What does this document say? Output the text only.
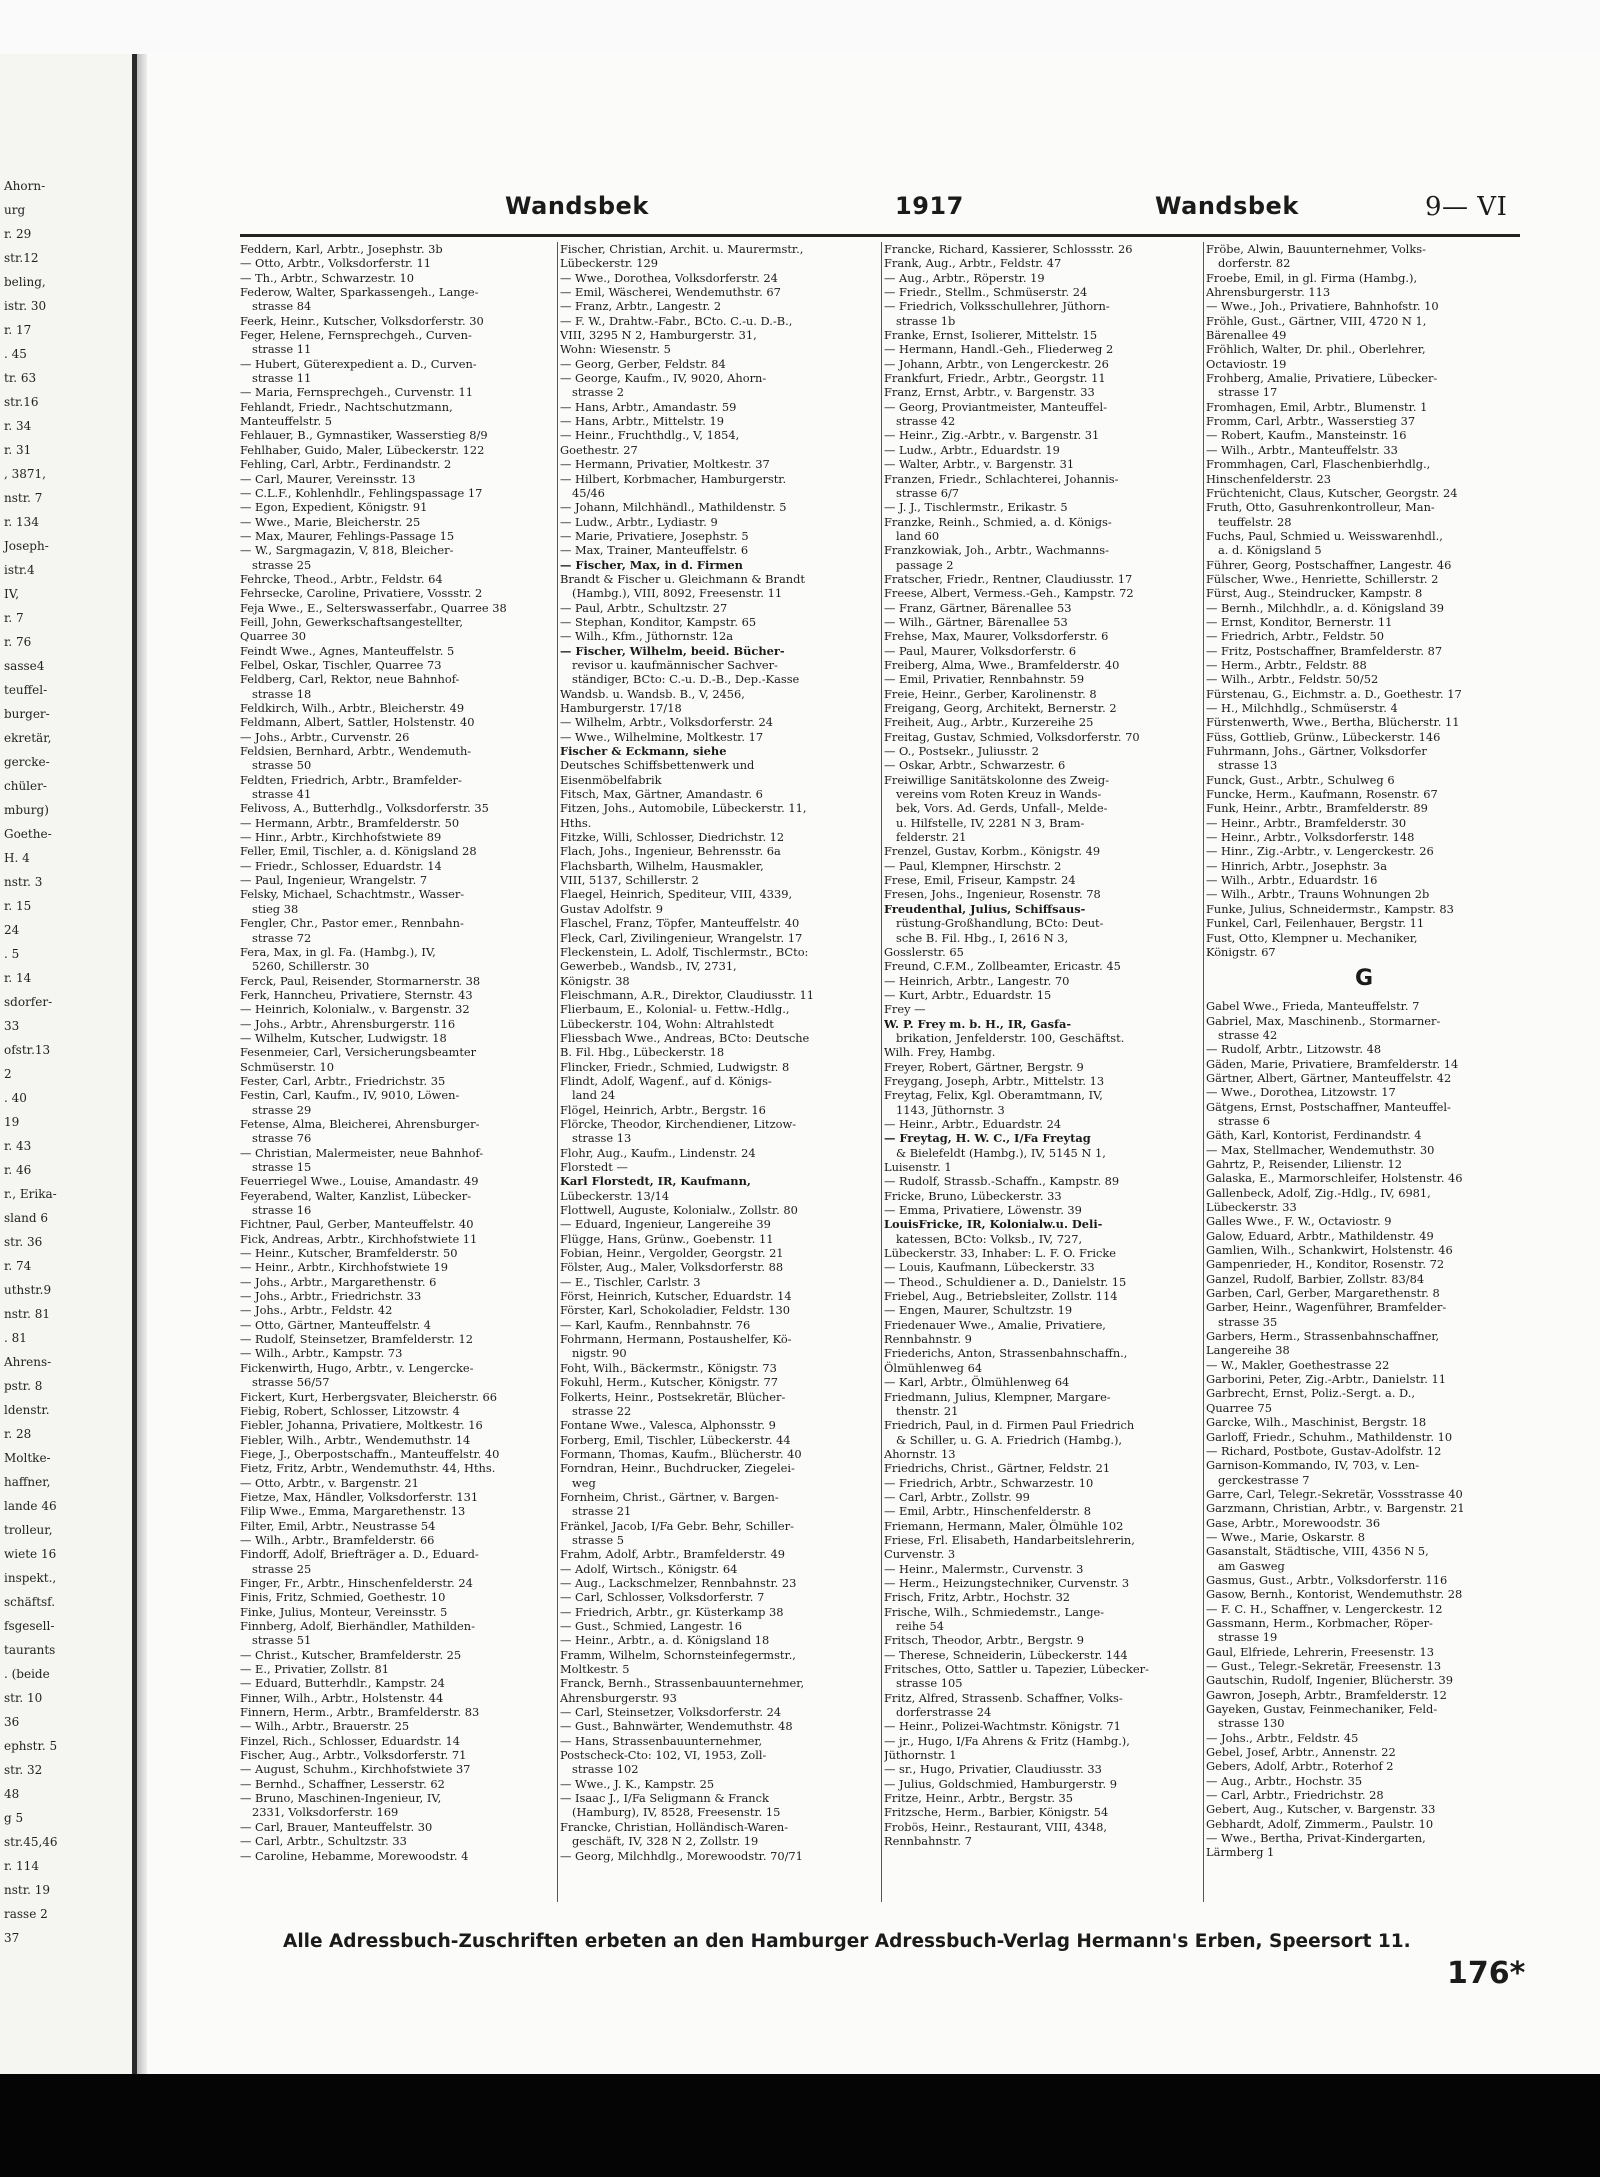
Ahorn-
urg
r. 29
str.12
beling,
istr. 30
r. 17
. 45
tr. 63
str.16
r. 34
r. 31
, 3871,
nstr. 7
r. 134
Joseph-
istr.4
IV,
r. 7
r. 76
sasse4
teuffel-
burger-
ekretär,
gercke-
chüler-
mburg)
Goethe-
H. 4
nstr. 3
r. 15
24
. 5
r. 14
sdorfer-
33
ofstr.13
2
. 40
19
r. 43
r. 46
r., Erika-
sland 6
str. 36
r. 74
uthstr.9
nstr. 81
. 81
Ahrens-
pstr. 8
ldenstr.
r. 28
Moltke-
haffner,
lande 46
trolleur,
wiete 16
inspekt.,
schäftsf.
fsgesell-
taurants
. (beide
str. 10
36
ephstr. 5
str. 32
48
g 5
str.45,46
r. 114
nstr. 19
rasse 2
37
Wandsbek	1917	Wandsbek	9— VI
Feddern, Karl, Arbtr., Josephstr. 3b
— Otto, Arbtr., Volksdorferstr. 11
— Th., Arbtr., Schwarzestr. 10
Federow, Walter, Sparkassengeh., Lange-
strasse 84
Feerk, Heinr., Kutscher, Volksdorferstr. 30
Feger, Helene, Fernsprechgeh., Curven-
strasse 11
— Hubert, Güterexpedient a. D., Curven-
strasse 11
— Maria, Fernsprechgeh., Curvenstr. 11
Fehlandt, Friedr., Nachtschutzmann,
Manteuffelstr. 5
Fehlauer, B., Gymnastiker, Wasserstieg 8/9
Fehlhaber, Guido, Maler, Lübeckerstr. 122
Fehling, Carl, Arbtr., Ferdinandstr. 2
— Carl, Maurer, Vereinsstr. 13
— C.L.F., Kohlenhdlr., Fehlingspassage 17
— Egon, Expedient, Königstr. 91
— Wwe., Marie, Bleicherstr. 25
— Max, Maurer, Fehlings-Passage 15
— W., Sargmagazin, V, 818, Bleicher-
strasse 25
Fehrcke, Theod., Arbtr., Feldstr. 64
Fehrsecke, Caroline, Privatiere, Vossstr. 2
Feja Wwe., E., Selterswasserfabr., Quarree 38
Feill, John, Gewerkschaftsangestellter,
Quarree 30
Feindt Wwe., Agnes, Manteuffelstr. 5
Felbel, Oskar, Tischler, Quarree 73
Feldberg, Carl, Rektor, neue Bahnhof-
strasse 18
Feldkirch, Wilh., Arbtr., Bleicherstr. 49
Feldmann, Albert, Sattler, Holstenstr. 40
— Johs., Arbtr., Curvenstr. 26
Feldsien, Bernhard, Arbtr., Wendemuth-
strasse 50
Feldten, Friedrich, Arbtr., Bramfelder-
strasse 41
Felivoss, A., Butterhdlg., Volksdorferstr. 35
— Hermann, Arbtr., Bramfelderstr. 50
— Hinr., Arbtr., Kirchhofstwiete 89
Feller, Emil, Tischler, a. d. Königsland 28
— Friedr., Schlosser, Eduardstr. 14
— Paul, Ingenieur, Wrangelstr. 7
Felsky, Michael, Schachtmstr., Wasser-
stieg 38
Fengler, Chr., Pastor emer., Rennbahn-
strasse 72
Fera, Max, in gl. Fa. (Hambg.), IV,
5260, Schillerstr. 30
Ferck, Paul, Reisender, Stormarnerstr. 38
Ferk, Hanncheu, Privatiere, Sternstr. 43
— Heinrich, Kolonialw., v. Bargenstr. 32
— Johs., Arbtr., Ahrensburgerstr. 116
— Wilhelm, Kutscher, Ludwigstr. 18
Fesenmeier, Carl, Versicherungsbeamter
Schmüserstr. 10
Fester, Carl, Arbtr., Friedrichstr. 35
Festin, Carl, Kaufm., IV, 9010, Löwen-
strasse 29
Fetense, Alma, Bleicherei, Ahrensburger-
strasse 76
— Christian, Malermeister, neue Bahnhof-
strasse 15
Feuerriegel Wwe., Louise, Amandastr. 49
Feyerabend, Walter, Kanzlist, Lübecker-
strasse 16
Fichtner, Paul, Gerber, Manteuffelstr. 40
Fick, Andreas, Arbtr., Kirchhofstwiete 11
— Heinr., Kutscher, Bramfelderstr. 50
— Heinr., Arbtr., Kirchhofstwiete 19
— Johs., Arbtr., Margarethenstr. 6
— Johs., Arbtr., Friedrichstr. 33
— Johs., Arbtr., Feldstr. 42
— Otto, Gärtner, Manteuffelstr. 4
— Rudolf, Steinsetzer, Bramfelderstr. 12
— Wilh., Arbtr., Kampstr. 73
Fickenwirth, Hugo, Arbtr., v. Lengercke-
strasse 56/57
Fickert, Kurt, Herbergsvater, Bleicherstr. 66
Fiebig, Robert, Schlosser, Litzowstr. 4
Fiebler, Johanna, Privatiere, Moltkestr. 16
Fiebler, Wilh., Arbtr., Wendemuthstr. 14
Fiege, J., Oberpostschaffn., Manteuffelstr. 40
Fietz, Fritz, Arbtr., Wendemuthstr. 44, Hths.
— Otto, Arbtr., v. Bargenstr. 21
Fietze, Max, Händler, Volksdorferstr. 131
Filip Wwe., Emma, Margarethenstr. 13
Filter, Emil, Arbtr., Neustrasse 54
— Wilh., Arbtr., Bramfelderstr. 66
Findorff, Adolf, Briefträger a. D., Eduard-
strasse 25
Finger, Fr., Arbtr., Hinschenfelderstr. 24
Finis, Fritz, Schmied, Goethestr. 10
Finke, Julius, Monteur, Vereinsstr. 5
Finnberg, Adolf, Bierhändler, Mathilden-
strasse 51
— Christ., Kutscher, Bramfelderstr. 25
— E., Privatier, Zollstr. 81
— Eduard, Butterhdlr., Kampstr. 24
Finner, Wilh., Arbtr., Holstenstr. 44
Finnern, Herm., Arbtr., Bramfelderstr. 83
— Wilh., Arbtr., Brauerstr. 25
Finzel, Rich., Schlosser, Eduardstr. 14
Fischer, Aug., Arbtr., Volksdorferstr. 71
— August, Schuhm., Kirchhofstwiete 37
— Bernhd., Schaffner, Lesserstr. 62
— Bruno, Maschinen-Ingenieur, IV,
2331, Volksdorferstr. 169
— Carl, Brauer, Manteuffelstr. 30
— Carl, Arbtr., Schultzstr. 33
— Caroline, Hebamme, Morewoodstr. 4
Fischer, Christian, Archit. u. Maurermstr.,
Lübeckerstr. 129
— Wwe., Dorothea, Volksdorferstr. 24
— Emil, Wäscherei, Wendemuthstr. 67
— Franz, Arbtr., Langestr. 2
— F. W., Drahtw.-Fabr., BCto. C.-u. D.-B.,
VIII, 3295 N 2, Hamburgerstr. 31,
Wohn: Wiesenstr. 5
— Georg, Gerber, Feldstr. 84
— George, Kaufm., IV, 9020, Ahorn-
strasse 2
— Hans, Arbtr., Amandastr. 59
— Hans, Arbtr., Mittelstr. 19
— Heinr., Fruchthdlg., V, 1854,
Goethestr. 27
— Hermann, Privatier, Moltkestr. 37
— Hilbert, Korbmacher, Hamburgerstr.
45/46
— Johann, Milchhändl., Mathildenstr. 5
— Ludw., Arbtr., Lydiastr. 9
— Marie, Privatiere, Josephstr. 5
— Max, Trainer, Manteuffelstr. 6
— Fischer, Max, in d. Firmen
Brandt & Fischer u. Gleichmann & Brandt
(Hambg.), VIII, 8092, Freesenstr. 11
— Paul, Arbtr., Schultzstr. 27
— Stephan, Konditor, Kampstr. 65
— Wilh., Kfm., Jüthornstr. 12a
— Fischer, Wilhelm, beeid. Bücher-
revisor u. kaufmännischer Sachver-
ständiger, BCto: C.-u. D.-B., Dep.-Kasse
Wandsb. u. Wandsb. B., V, 2456,
Hamburgerstr. 17/18
— Wilhelm, Arbtr., Volksdorferstr. 24
— Wwe., Wilhelmine, Moltkestr. 17
Fischer & Eckmann, siehe
Deutsches Schiffsbettenwerk und
Eisenmöbelfabrik
Fitsch, Max, Gärtner, Amandastr. 6
Fitzen, Johs., Automobile, Lübeckerstr. 11,
Hths.
Fitzke, Willi, Schlosser, Diedrichstr. 12
Flach, Johs., Ingenieur, Behrensstr. 6a
Flachsbarth, Wilhelm, Hausmakler,
VIII, 5137, Schillerstr. 2
Flaegel, Heinrich, Spediteur, VIII, 4339,
Gustav Adolfstr. 9
Flaschel, Franz, Töpfer, Manteuffelstr. 40
Fleck, Carl, Zivilingenieur, Wrangelstr. 17
Fleckenstein, L. Adolf, Tischlermstr., BCto:
Gewerbeb., Wandsb., IV, 2731,
Königstr. 38
Fleischmann, A.R., Direktor, Claudiusstr. 11
Flierbaum, E., Kolonial- u. Fettw.-Hdlg.,
Lübeckerstr. 104, Wohn: Altrahlstedt
Fliessbach Wwe., Andreas, BCto: Deutsche
B. Fil. Hbg., Lübeckerstr. 18
Flincker, Friedr., Schmied, Ludwigstr. 8
Flindt, Adolf, Wagenf., auf d. Königs-
land 24
Flögel, Heinrich, Arbtr., Bergstr. 16
Flörcke, Theodor, Kirchendiener, Litzow-
strasse 13
Flohr, Aug., Kaufm., Lindenstr. 24
Florstedt —
Karl Florstedt, IR, Kaufmann,
Lübeckerstr. 13/14
Flottwell, Auguste, Kolonialw., Zollstr. 80
— Eduard, Ingenieur, Langereihe 39
Flügge, Hans, Grünw., Goebenstr. 11
Fobian, Heinr., Vergolder, Georgstr. 21
Fölster, Aug., Maler, Volksdorferstr. 88
— E., Tischler, Carlstr. 3
Först, Heinrich, Kutscher, Eduardstr. 14
Förster, Karl, Schokoladier, Feldstr. 130
— Karl, Kaufm., Rennbahnstr. 76
Fohrmann, Hermann, Postaushelfer, Kö-
nigstr. 90
Foht, Wilh., Bäckermstr., Königstr. 73
Fokuhl, Herm., Kutscher, Königstr. 77
Folkerts, Heinr., Postsekretär, Blücher-
strasse 22
Fontane Wwe., Valesca, Alphonsstr. 9
Forberg, Emil, Tischler, Lübeckerstr. 44
Formann, Thomas, Kaufm., Blücherstr. 40
Forndran, Heinr., Buchdrucker, Ziegelei-
weg
Fornheim, Christ., Gärtner, v. Bargen-
strasse 21
Fränkel, Jacob, I/Fa Gebr. Behr, Schiller-
strasse 5
Frahm, Adolf, Arbtr., Bramfelderstr. 49
— Adolf, Wirtsch., Königstr. 64
— Aug., Lackschmelzer, Rennbahnstr. 23
— Carl, Schlosser, Volksdorferstr. 7
— Friedrich, Arbtr., gr. Küsterkamp 38
— Gust., Schmied, Langestr. 16
— Heinr., Arbtr., a. d. Königsland 18
Framm, Wilhelm, Schornsteinfegermstr.,
Moltkestr. 5
Franck, Bernh., Strassenbauunternehmer,
Ahrensburgerstr. 93
— Carl, Steinsetzer, Volksdorferstr. 24
— Gust., Bahnwärter, Wendemuthstr. 48
— Hans, Strassenbauunternehmer,
Postscheck-Cto: 102, VI, 1953, Zoll-
strasse 102
— Wwe., J. K., Kampstr. 25
— Isaac J., I/Fa Seligmann & Franck
(Hamburg), IV, 8528, Freesenstr. 15
Francke, Christian, Holländisch-Waren-
geschäft, IV, 328 N 2, Zollstr. 19
— Georg, Milchhdlg., Morewoodstr. 70/71
Francke, Richard, Kassierer, Schlossstr. 26
Frank, Aug., Arbtr., Feldstr. 47
— Aug., Arbtr., Röperstr. 19
— Friedr., Stellm., Schmüserstr. 24
— Friedrich, Volksschullehrer, Jüthorn-
strasse 1b
Franke, Ernst, Isolierer, Mittelstr. 15
— Hermann, Handl.-Geh., Fliederweg 2
— Johann, Arbtr., von Lengerckestr. 26
Frankfurt, Friedr., Arbtr., Georgstr. 11
Franz, Ernst, Arbtr., v. Bargenstr. 33
— Georg, Proviantmeister, Manteuffel-
strasse 42
— Heinr., Zig.-Arbtr., v. Bargenstr. 31
— Ludw., Arbtr., Eduardstr. 19
— Walter, Arbtr., v. Bargenstr. 31
Franzen, Friedr., Schlachterei, Johannis-
strasse 6/7
— J. J., Tischlermstr., Erikastr. 5
Franzke, Reinh., Schmied, a. d. Königs-
land 60
Franzkowiak, Joh., Arbtr., Wachmanns-
passage 2
Fratscher, Friedr., Rentner, Claudiusstr. 17
Freese, Albert, Vermess.-Geh., Kampstr. 72
— Franz, Gärtner, Bärenallee 53
— Wilh., Gärtner, Bärenallee 53
Frehse, Max, Maurer, Volksdorferstr. 6
— Paul, Maurer, Volksdorferstr. 6
Freiberg, Alma, Wwe., Bramfelderstr. 40
— Emil, Privatier, Rennbahnstr. 59
Freie, Heinr., Gerber, Karolinenstr. 8
Freigang, Georg, Architekt, Bernerstr. 2
Freiheit, Aug., Arbtr., Kurzereihe 25
Freitag, Gustav, Schmied, Volksdorferstr. 70
— O., Postsekr., Juliusstr. 2
— Oskar, Arbtr., Schwarzestr. 6
Freiwillige Sanitätskolonne des Zweig-
vereins vom Roten Kreuz in Wands-
bek, Vors. Ad. Gerds, Unfall-, Melde-
u. Hilfstelle, IV, 2281 N 3, Bram-
felderstr. 21
Frenzel, Gustav, Korbm., Königstr. 49
— Paul, Klempner, Hirschstr. 2
Frese, Emil, Friseur, Kampstr. 24
Fresen, Johs., Ingenieur, Rosenstr. 78
Freudenthal, Julius, Schiffsaus-
rüstung-Großhandlung, BCto: Deut-
sche B. Fil. Hbg., I, 2616 N 3,
Gosslerstr. 65
Freund, C.F.M., Zollbeamter, Ericastr. 45
— Heinrich, Arbtr., Langestr. 70
— Kurt, Arbtr., Eduardstr. 15
Frey —
W. P. Frey m. b. H., IR, Gasfa-
brikation, Jenfelderstr. 100, Geschäftst.
Wilh. Frey, Hambg.
Freyer, Robert, Gärtner, Bergstr. 9
Freygang, Joseph, Arbtr., Mittelstr. 13
Freytag, Felix, Kgl. Oberamtmann, IV,
1143, Jüthornstr. 3
— Heinr., Arbtr., Eduardstr. 24
— Freytag, H. W. C., I/Fa Freytag
& Bielefeldt (Hambg.), IV, 5145 N 1,
Luisenstr. 1
— Rudolf, Strassb.-Schaffn., Kampstr. 89
Fricke, Bruno, Lübeckerstr. 33
— Emma, Privatiere, Löwenstr. 39
LouisFricke, IR, Kolonialw.u. Deli-
katessen, BCto: Volksb., IV, 727,
Lübeckerstr. 33, Inhaber: L. F. O. Fricke
— Louis, Kaufmann, Lübeckerstr. 33
— Theod., Schuldiener a. D., Danielstr. 15
Friebel, Aug., Betriebsleiter, Zollstr. 114
— Engen, Maurer, Schultzstr. 19
Friedenauer Wwe., Amalie, Privatiere,
Rennbahnstr. 9
Friederichs, Anton, Strassenbahnschaffn.,
Ölmühlenweg 64
— Karl, Arbtr., Ölmühlenweg 64
Friedmann, Julius, Klempner, Margare-
thenstr. 21
Friedrich, Paul, in d. Firmen Paul Friedrich
& Schiller, u. G. A. Friedrich (Hambg.),
Ahornstr. 13
Friedrichs, Christ., Gärtner, Feldstr. 21
— Friedrich, Arbtr., Schwarzestr. 10
— Carl, Arbtr., Zollstr. 99
— Emil, Arbtr., Hinschenfelderstr. 8
Friemann, Hermann, Maler, Ölmühle 102
Friese, Frl. Elisabeth, Handarbeitslehrerin,
Curvenstr. 3
— Heinr., Malermstr., Curvenstr. 3
— Herm., Heizungstechniker, Curvenstr. 3
Frisch, Fritz, Arbtr., Hochstr. 32
Frische, Wilh., Schmiedemstr., Lange-
reihe 54
Fritsch, Theodor, Arbtr., Bergstr. 9
— Therese, Schneiderin, Lübeckerstr. 144
Fritsches, Otto, Sattler u. Tapezier, Lübecker-
strasse 105
Fritz, Alfred, Strassenb. Schaffner, Volks-
dorferstrasse 24
— Heinr., Polizei-Wachtmstr. Königstr. 71
— jr., Hugo, I/Fa Ahrens & Fritz (Hambg.),
Jüthornstr. 1
— sr., Hugo, Privatier, Claudiusstr. 33
— Julius, Goldschmied, Hamburgerstr. 9
Fritze, Heinr., Arbtr., Bergstr. 35
Fritzsche, Herm., Barbier, Königstr. 54
Frobös, Heinr., Restaurant, VIII, 4348,
Rennbahnstr. 7
Fröbe, Alwin, Bauunternehmer, Volks-
dorferstr. 82
Froebe, Emil, in gl. Firma (Hambg.),
Ahrensburgerstr. 113
— Wwe., Joh., Privatiere, Bahnhofstr. 10
Fröhle, Gust., Gärtner, VIII, 4720 N 1,
Bärenallee 49
Fröhlich, Walter, Dr. phil., Oberlehrer,
Octaviostr. 19
Frohberg, Amalie, Privatiere, Lübecker-
strasse 17
Fromhagen, Emil, Arbtr., Blumenstr. 1
Fromm, Carl, Arbtr., Wasserstieg 37
— Robert, Kaufm., Mansteinstr. 16
— Wilh., Arbtr., Manteuffelstr. 33
Frommhagen, Carl, Flaschenbierhdlg.,
Hinschenfelderstr. 23
Früchtenicht, Claus, Kutscher, Georgstr. 24
Fruth, Otto, Gasuhrenkontrolleur, Man-
teuffelstr. 28
Fuchs, Paul, Schmied u. Weisswarenhdl.,
a. d. Königsland 5
Führer, Georg, Postschaffner, Langestr. 46
Fülscher, Wwe., Henriette, Schillerstr. 2
Fürst, Aug., Steindrucker, Kampstr. 8
— Bernh., Milchhdlr., a. d. Königsland 39
— Ernst, Konditor, Bernerstr. 11
— Friedrich, Arbtr., Feldstr. 50
— Fritz, Postschaffner, Bramfelderstr. 87
— Herm., Arbtr., Feldstr. 88
— Wilh., Arbtr., Feldstr. 50/52
Fürstenau, G., Eichmstr. a. D., Goethestr. 17
— H., Milchhdlg., Schmüserstr. 4
Fürstenwerth, Wwe., Bertha, Blücherstr. 11
Füss, Gottlieb, Grünw., Lübeckerstr. 146
Fuhrmann, Johs., Gärtner, Volksdorfer
strasse 13
Funck, Gust., Arbtr., Schulweg 6
Funcke, Herm., Kaufmann, Rosenstr. 67
Funk, Heinr., Arbtr., Bramfelderstr. 89
— Heinr., Arbtr., Bramfelderstr. 30
— Heinr., Arbtr., Volksdorferstr. 148
— Hinr., Zig.-Arbtr., v. Lengerckestr. 26
— Hinrich, Arbtr., Josephstr. 3a
— Wilh., Arbtr., Eduardstr. 16
— Wilh., Arbtr., Trauns Wohnungen 2b
Funke, Julius, Schneidermstr., Kampstr. 83
Funkel, Carl, Feilenhauer, Bergstr. 11
Fust, Otto, Klempner u. Mechaniker,
Königstr. 67
G
Gabel Wwe., Frieda, Manteuffelstr. 7
Gabriel, Max, Maschinenb., Stormarner-
strasse 42
— Rudolf, Arbtr., Litzowstr. 48
Gäden, Marie, Privatiere, Bramfelderstr. 14
Gärtner, Albert, Gärtner, Manteuffelstr. 42
— Wwe., Dorothea, Litzowstr. 17
Gätgens, Ernst, Postschaffner, Manteuffel-
strasse 6
Gäth, Karl, Kontorist, Ferdinandstr. 4
— Max, Stellmacher, Wendemuthstr. 30
Gahrtz, P., Reisender, Lilienstr. 12
Galaska, E., Marmorschleifer, Holstenstr. 46
Gallenbeck, Adolf, Zig.-Hdlg., IV, 6981,
Lübeckerstr. 33
Galles Wwe., F. W., Octaviostr. 9
Galow, Eduard, Arbtr., Mathildenstr. 49
Gamlien, Wilh., Schankwirt, Holstenstr. 46
Gampenrieder, H., Konditor, Rosenstr. 72
Ganzel, Rudolf, Barbier, Zollstr. 83/84
Garben, Carl, Gerber, Margarethenstr. 8
Garber, Heinr., Wagenführer, Bramfelder-
strasse 35
Garbers, Herm., Strassenbahnschaffner,
Langereihe 38
— W., Makler, Goethestrasse 22
Garborini, Peter, Zig.-Arbtr., Danielstr. 11
Garbrecht, Ernst, Poliz.-Sergt. a. D.,
Quarree 75
Garcke, Wilh., Maschinist, Bergstr. 18
Garloff, Friedr., Schuhm., Mathildenstr. 10
— Richard, Postbote, Gustav-Adolfstr. 12
Garnison-Kommando, IV, 703, v. Len-
gerckestrasse 7
Garre, Carl, Telegr.-Sekretär, Vossstrasse 40
Garzmann, Christian, Arbtr., v. Bargenstr. 21
Gase, Arbtr., Morewoodstr. 36
— Wwe., Marie, Oskarstr. 8
Gasanstalt, Städtische, VIII, 4356 N 5,
am Gasweg
Gasmus, Gust., Arbtr., Volksdorferstr. 116
Gasow, Bernh., Kontorist, Wendemuthstr. 28
— F. C. H., Schaffner, v. Lengerckestr. 12
Gassmann, Herm., Korbmacher, Röper-
strasse 19
Gaul, Elfriede, Lehrerin, Freesenstr. 13
— Gust., Telegr.-Sekretär, Freesenstr. 13
Gautschin, Rudolf, Ingenier, Blücherstr. 39
Gawron, Joseph, Arbtr., Bramfelderstr. 12
Gayeken, Gustav, Feinmechaniker, Feld-
strasse 130
— Johs., Arbtr., Feldstr. 45
Gebel, Josef, Arbtr., Annenstr. 22
Gebers, Adolf, Arbtr., Roterhof 2
— Aug., Arbtr., Hochstr. 35
— Carl, Arbtr., Friedrichstr. 28
Gebert, Aug., Kutscher, v. Bargenstr. 33
Gebhardt, Adolf, Zimmerm., Paulstr. 10
— Wwe., Bertha, Privat-Kindergarten,
Lärmberg 1
Alle Adressbuch-Zuschriften erbeten an den Hamburger Adressbuch-Verlag Hermann's Erben, Speersort 11.
176*
